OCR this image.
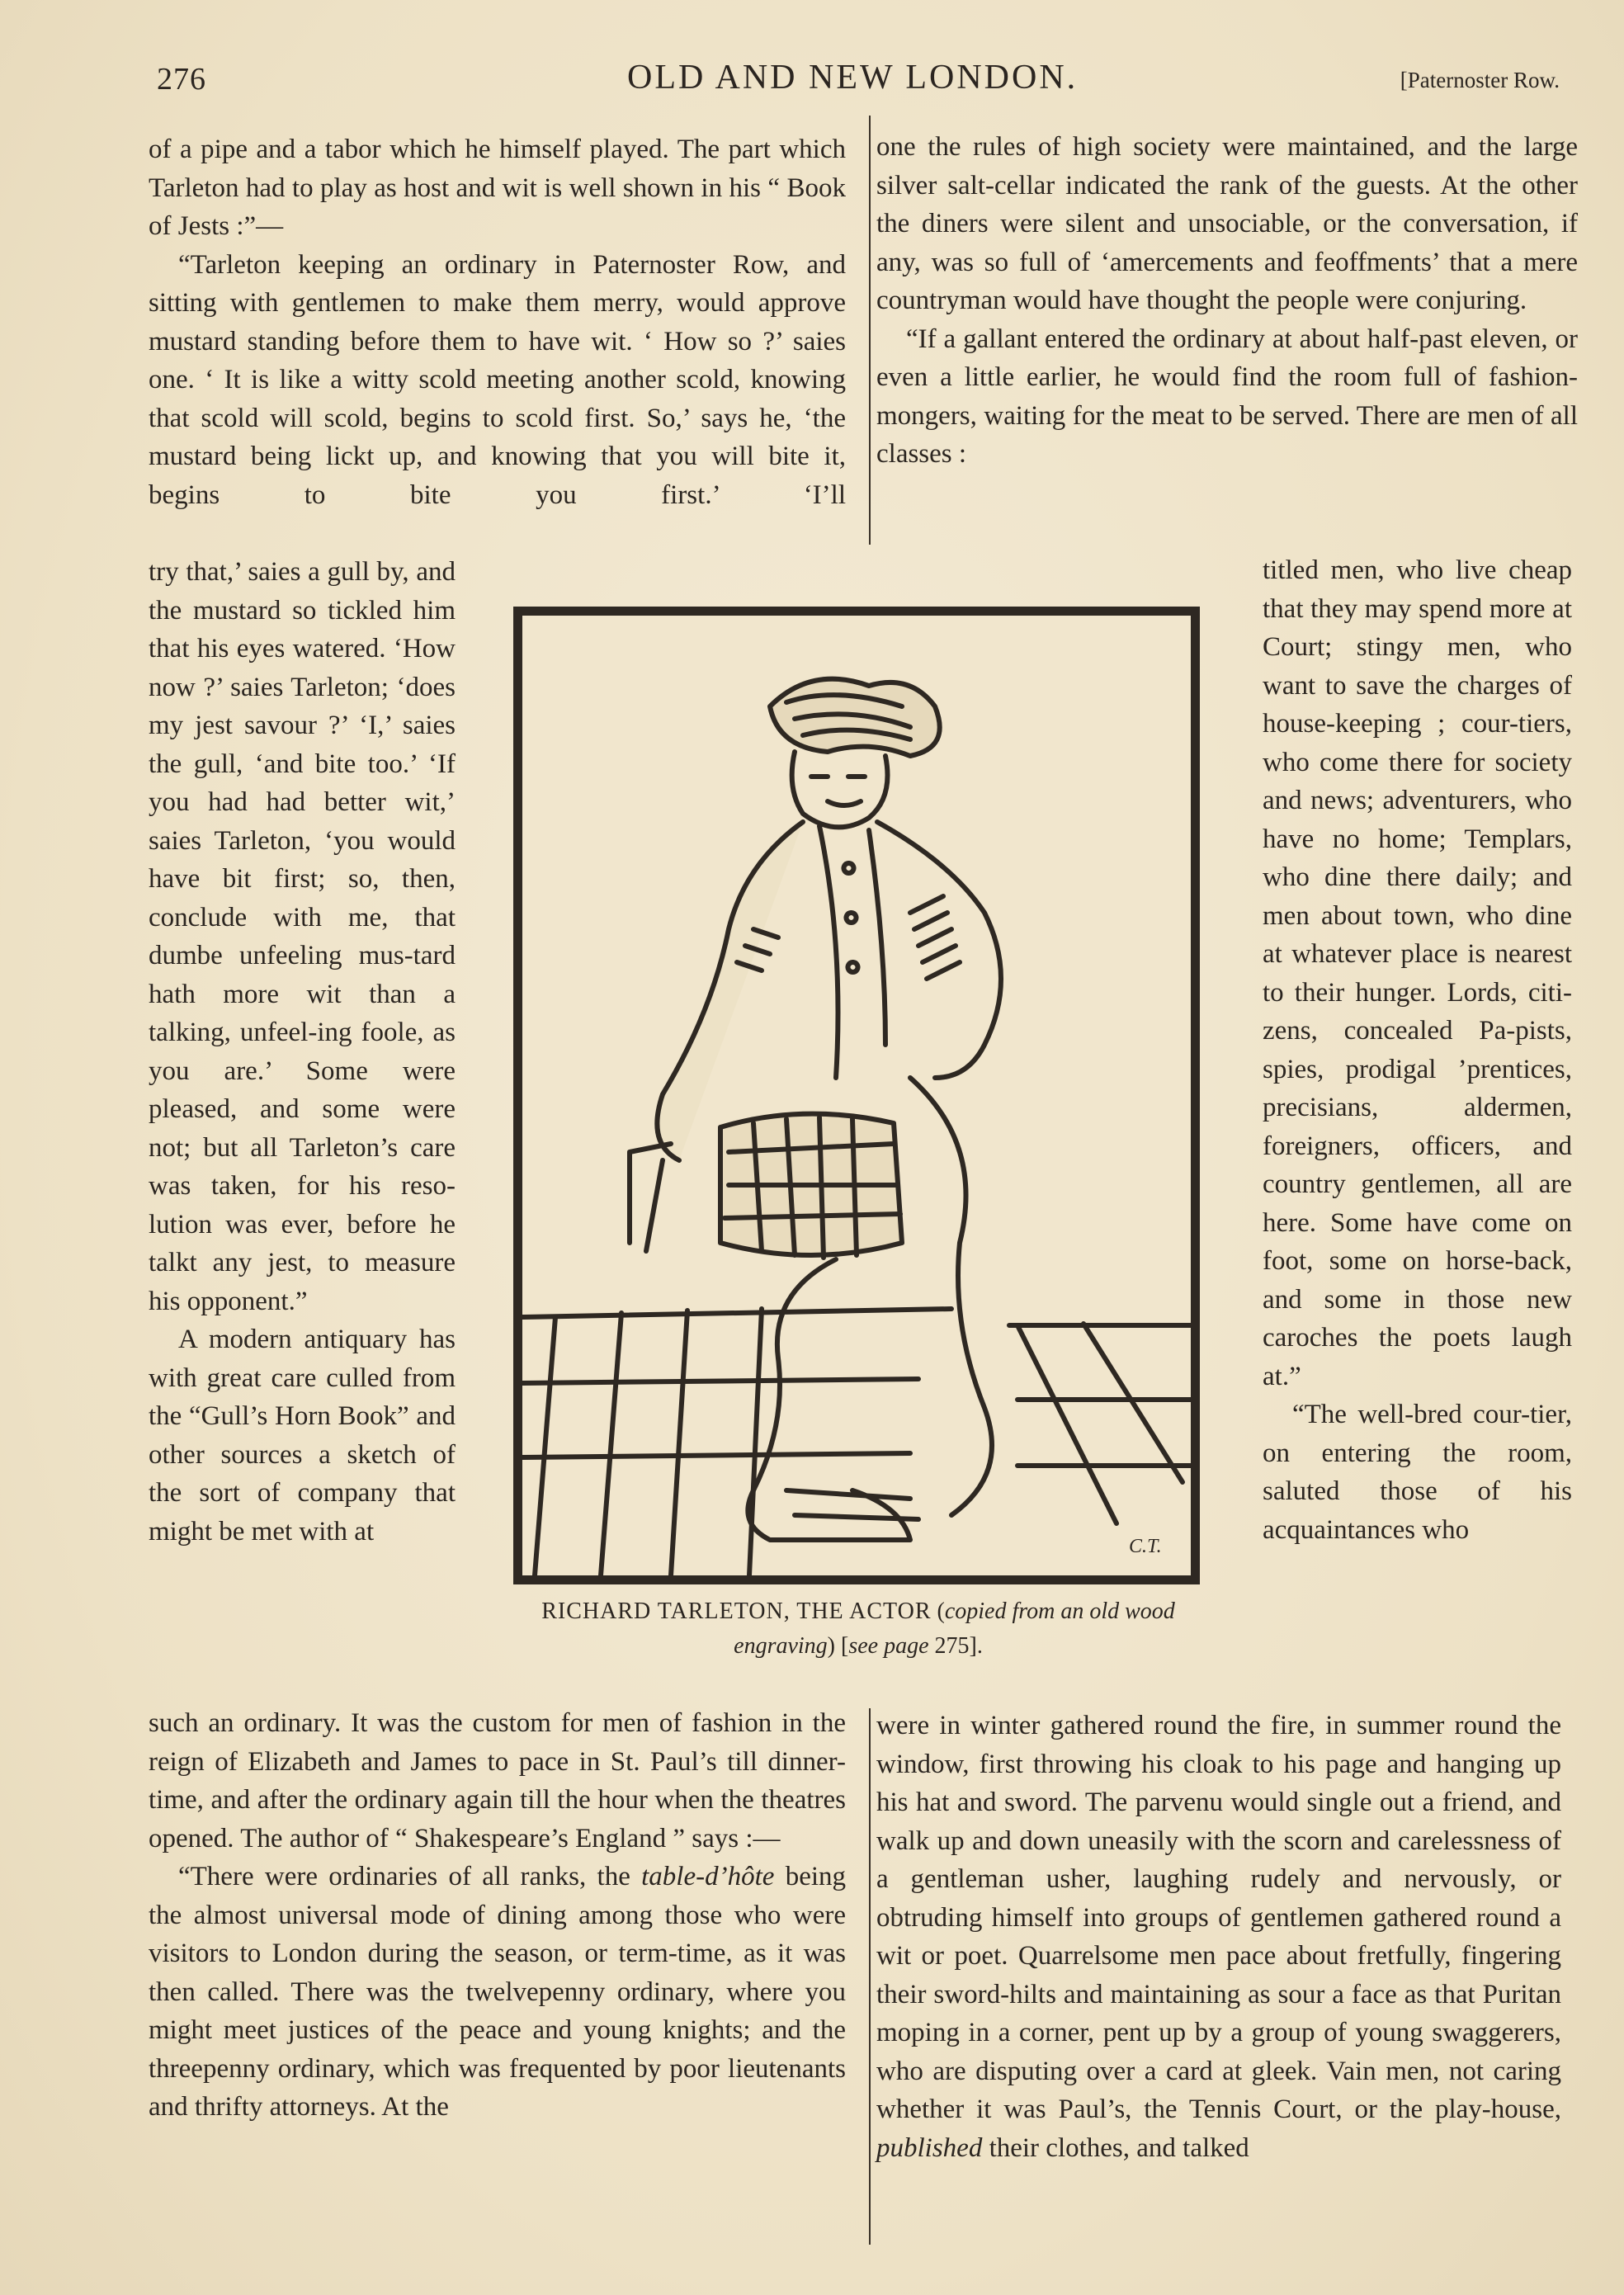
276	OLD AND NEW LONDON.	[Paternoster Row.

of a pipe and a tabor which he himself played. The part which Tarleton had to play as host and wit is well shown in his “ Book of Jests :”—

“Tarleton keeping an ordinary in Paternoster Row, and sitting with gentlemen to make them merry, would approve mustard standing before them to have wit. ‘ How so ?’ saies one. ‘ It is like a witty scold meeting another scold, knowing that scold will scold, begins to scold first. So,’ says he, ‘the mustard being lickt up, and knowing that you will bite it, begins to bite you first.’ ‘I’ll

try that,’ saies a gull by, and the mustard so tickled him that his eyes watered. ‘How now ?’ saies Tarleton; ‘does my jest savour ?’ ‘I,’ saies the gull, ‘and bite too.’ ‘If you had had better wit,’ saies Tarleton, ‘you would have bit first; so, then, conclude with me, that dumbe unfeeling mus-tard hath more wit than a talking, unfeel-ing foole, as you are.’ Some were pleased, and some were not; but all Tarleton’s care was taken, for his reso-lution was ever, before he talkt any jest, to measure his opponent.”

A modern antiquary has with great care culled from the “Gull’s Horn Book” and other sources a sketch of the sort of company that might be met with at

such an ordinary. It was the custom for men of fashion in the reign of Elizabeth and James to pace in St. Paul’s till dinner-time, and after the ordinary again till the hour when the theatres opened. The author of “ Shakespeare’s England ” says :—

“There were ordinaries of all ranks, the table-d’hôte being the almost universal mode of dining among those who were visitors to London during the season, or term-time, as it was then called. There was the twelvepenny ordinary, where you might meet justices of the peace and young knights; and the threepenny ordinary, which was frequented by poor lieutenants and thrifty attorneys. At the

one the rules of high society were maintained, and the large silver salt-cellar indicated the rank of the guests. At the other the diners were silent and unsociable, or the conversation, if any, was so full of ‘amercements and feoffments’ that a mere countryman would have thought the people were conjuring.

“If a gallant entered the ordinary at about half-past eleven, or even a little earlier, he would find the room full of fashion-mongers, waiting for the meat to be served. There are men of all classes :

titled men, who live cheap that they may spend more at Court; stingy men, who want to save the charges of house-keeping ; cour-tiers, who come there for society and news; adventurers, who have no home; Templars, who dine there daily; and men about town, who dine at whatever place is nearest to their hunger. Lords, citi-zens, concealed Pa-pists, spies, prodigal ’prentices, precisians, aldermen, foreigners, officers, and country gentlemen, all are here. Some have come on foot, some on horse-back, and some in those new caroches the poets laugh at.”

“The well-bred cour-tier, on entering the room, saluted those of his acquaintances who

were in winter gathered round the fire, in summer round the window, first throwing his cloak to his page and hanging up his hat and sword. The parvenu would single out a friend, and walk up and down uneasily with the scorn and carelessness of a gentleman usher, laughing rudely and nervously, or obtruding himself into groups of gentlemen gathered round a wit or poet. Quarrelsome men pace about fretfully, fingering their sword-hilts and maintaining as sour a face as that Puritan moping in a corner, pent up by a group of young swaggerers, who are disputing over a card at gleek. Vain men, not caring whether it was Paul’s, the Tennis Court, or the play-house, published their clothes, and talked

C.T.
RICHARD TARLETON, THE ACTOR (copied from an old wood engraving) [see page 275].
